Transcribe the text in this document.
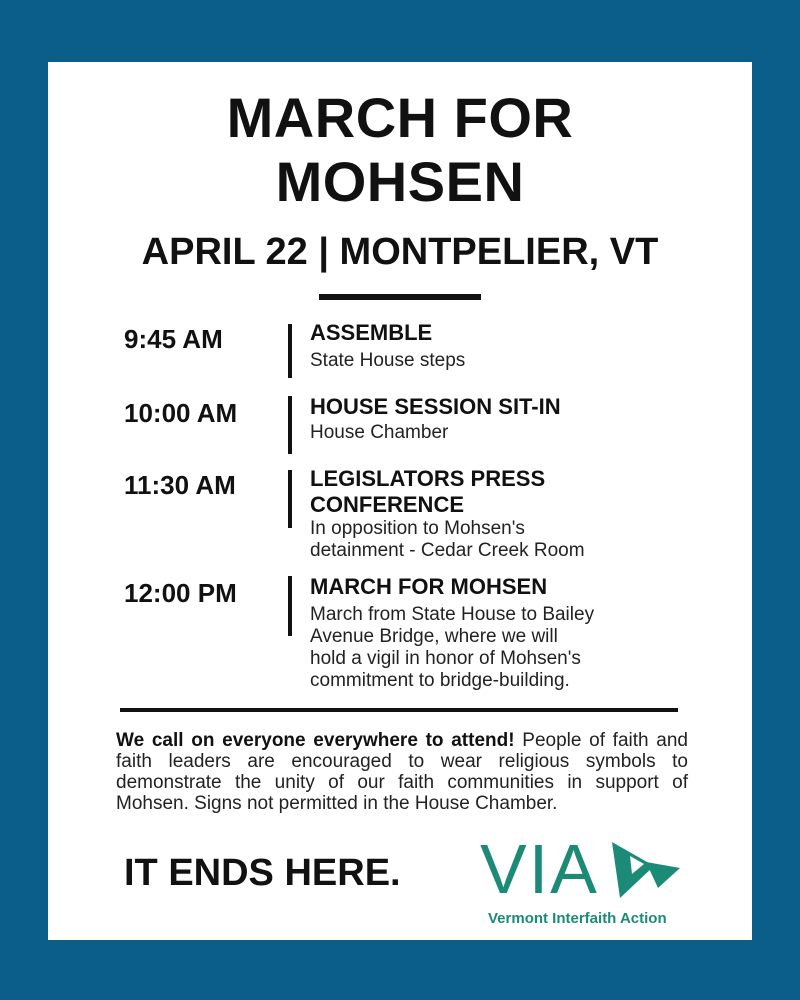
MARCH FOR
MOHSEN
APRIL 22 | MONTPELIER, VT
9:45 AM	ASSEMBLE
State House steps
10:00 AM	HOUSE SESSION SIT-IN
House Chamber
11:30 AM	LEGISLATORS PRESS
CONFERENCE
In opposition to Mohsen's
detainment - Cedar Creek Room
12:00 PM	MARCH FOR MOHSEN
March from State House to Bailey
Avenue Bridge, where we will
hold a vigil in honor of Mohsen's
commitment to bridge-building.
We call on everyone everywhere to attend! People of faith and faith leaders are encouraged to wear religious symbols to demonstrate the unity of our faith communities in support of Mohsen. Signs not permitted in the House Chamber.
IT ENDS HERE. VIA
Vermont Interfaith Action
